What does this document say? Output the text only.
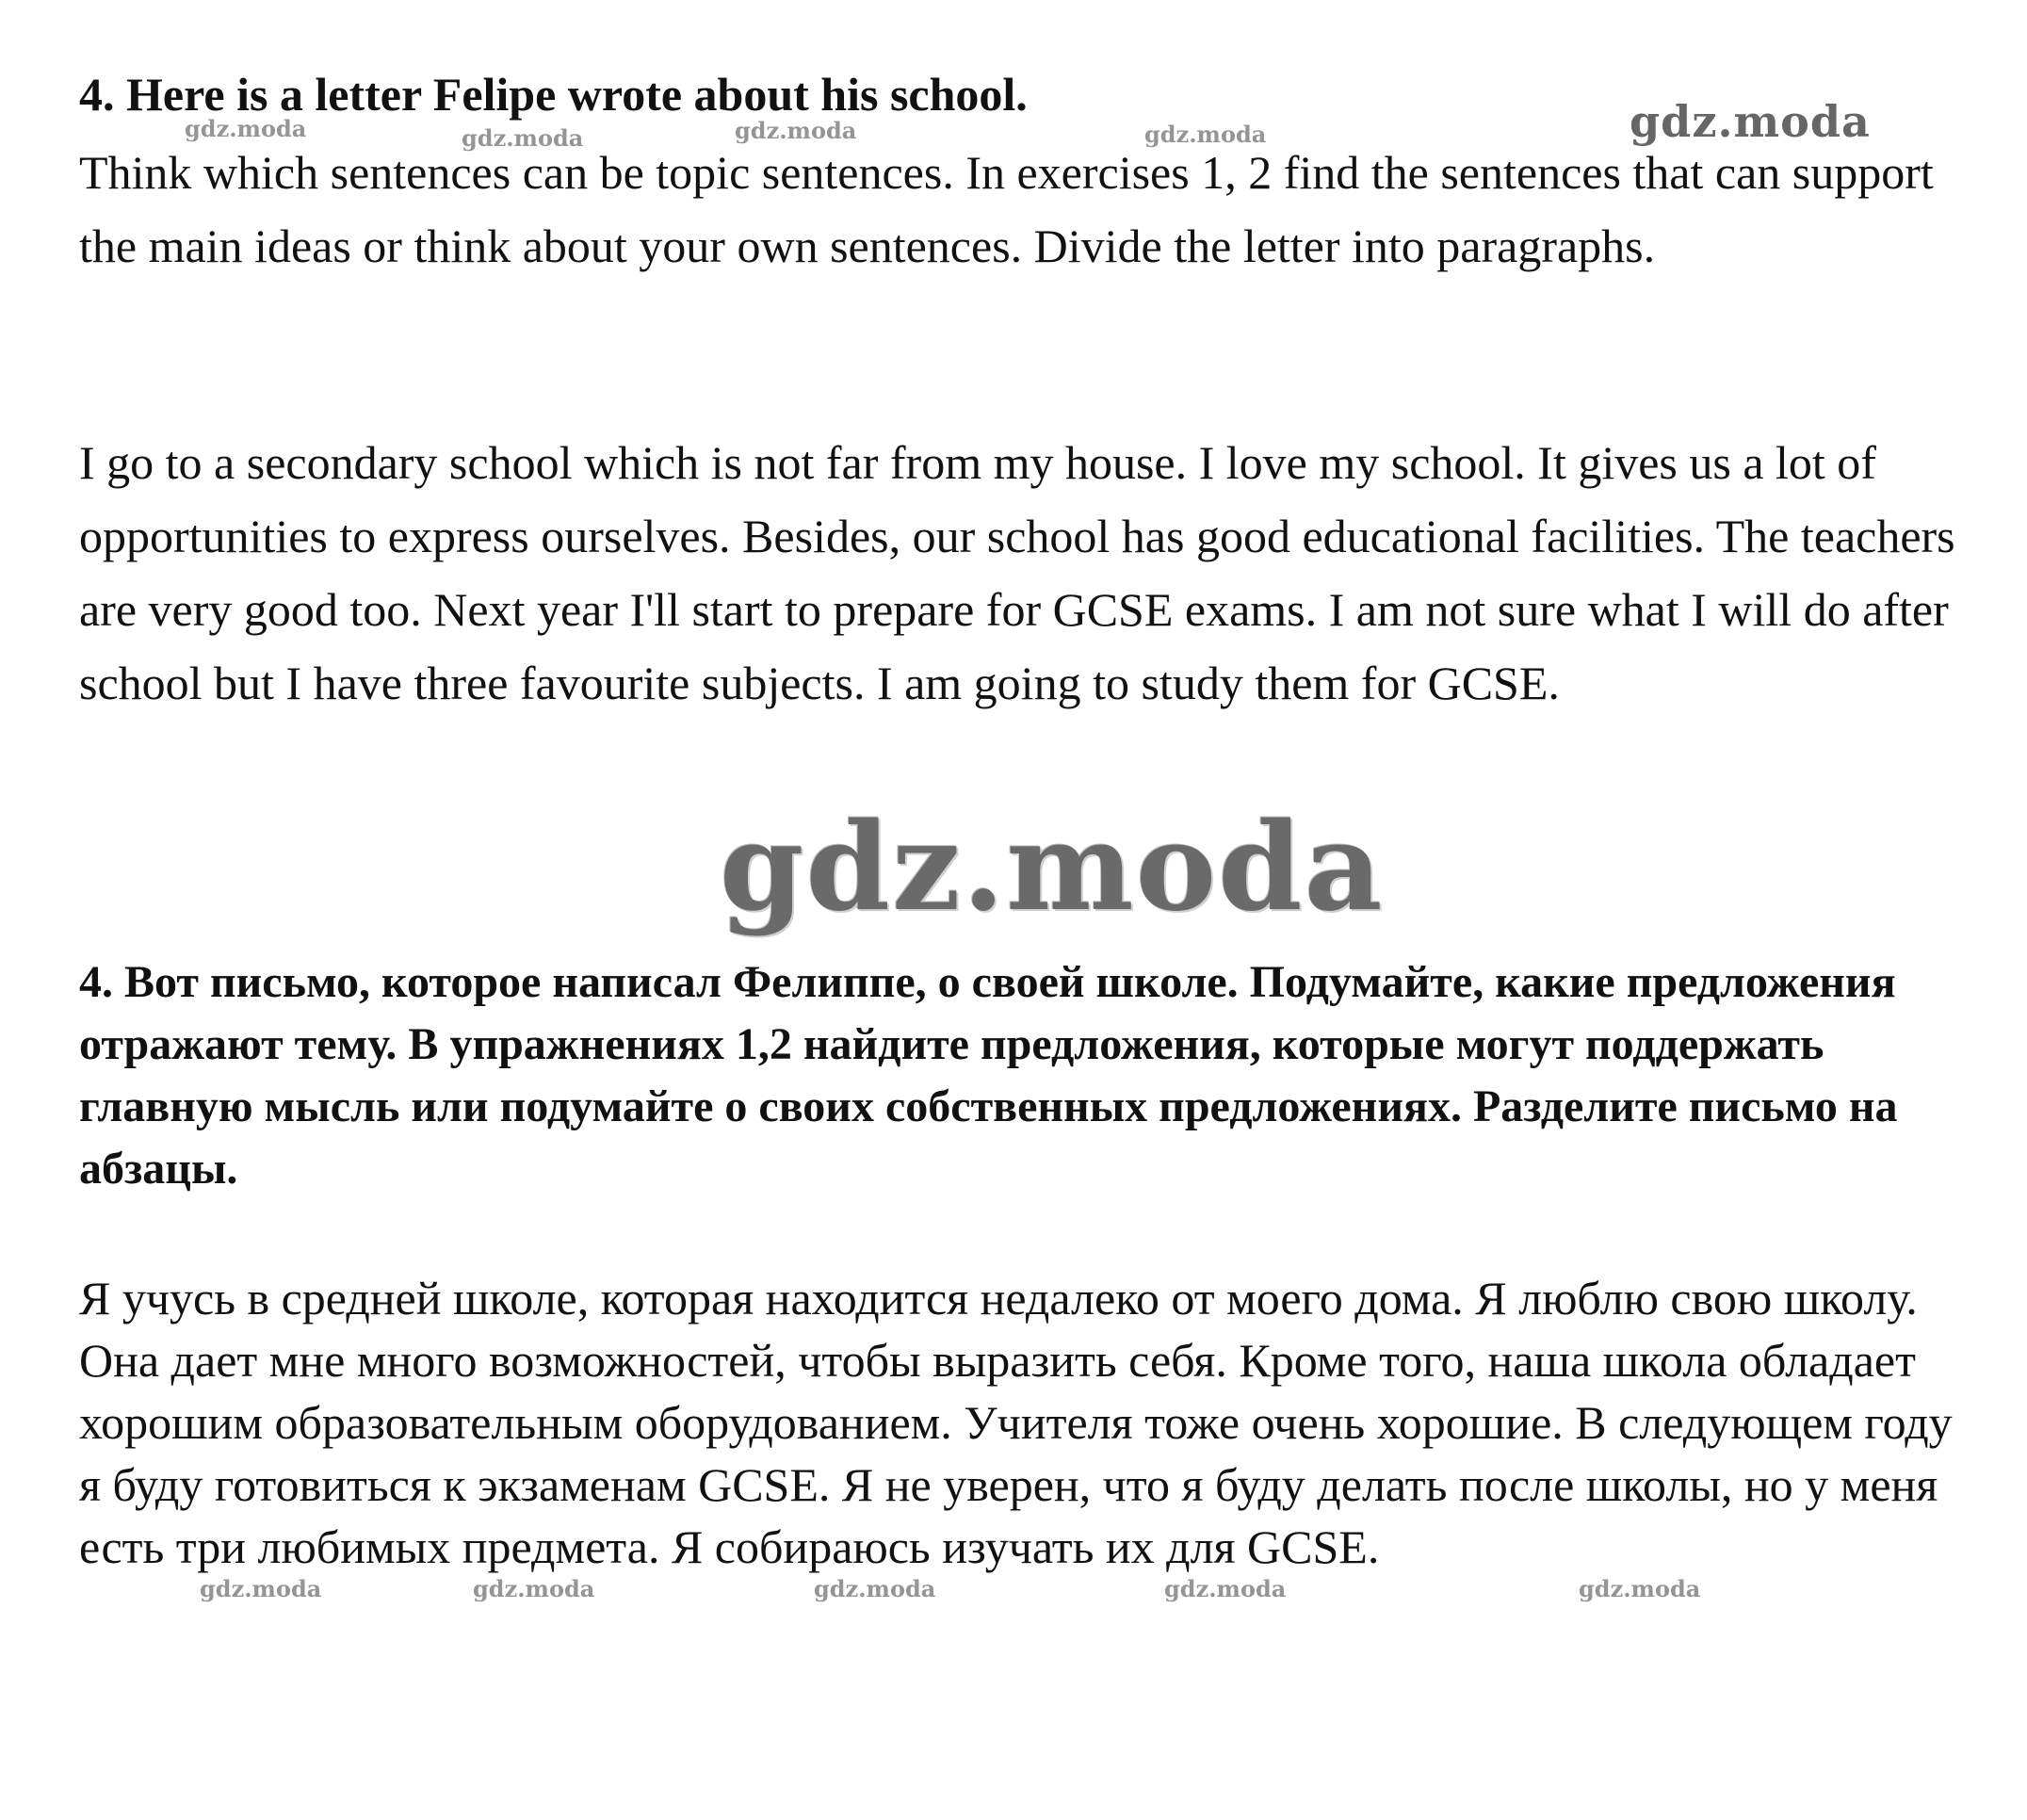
4. Here is a letter Felipe wrote about his school.

Think which sentences can be topic sentences. In exercises 1, 2 find the sentences that can support the main ideas or think about your own sentences. Divide the letter into paragraphs.

I go to a secondary school which is not far from my house. I love my school. It gives us a lot of opportunities to express ourselves. Besides, our school has good educational facilities. The teachers are very good too. Next year I'll start to prepare for GCSE exams. I am not sure what I will do after school but I have three favourite subjects. I am going to study them for GCSE.

4. Вот письмо, которое написал Фелиппе, о своей школе. Подумайте, какие предложения отражают тему. В упражнениях 1,2 найдите предложения, которые могут поддержать главную мысль или подумайте о своих собственных предложениях. Разделите письмо на абзацы.

Я учусь в средней школе, которая находится недалеко от моего дома. Я люблю свою школу. Она дает мне много возможностей, чтобы выразить себя. Кроме того, наша школа обладает хорошим образовательным оборудованием. Учителя тоже очень хорошие. В следующем году я буду готовиться к экзаменам GCSE. Я не уверен, что я буду делать после школы, но у меня есть три любимых предмета. Я собираюсь изучать их для GCSE.

gdz.moda	gdz.moda	gdz.moda	gdz.moda	gdz.moda
gdz.moda
gdz.moda	gdz.moda	gdz.moda	gdz.moda	gdz.moda
